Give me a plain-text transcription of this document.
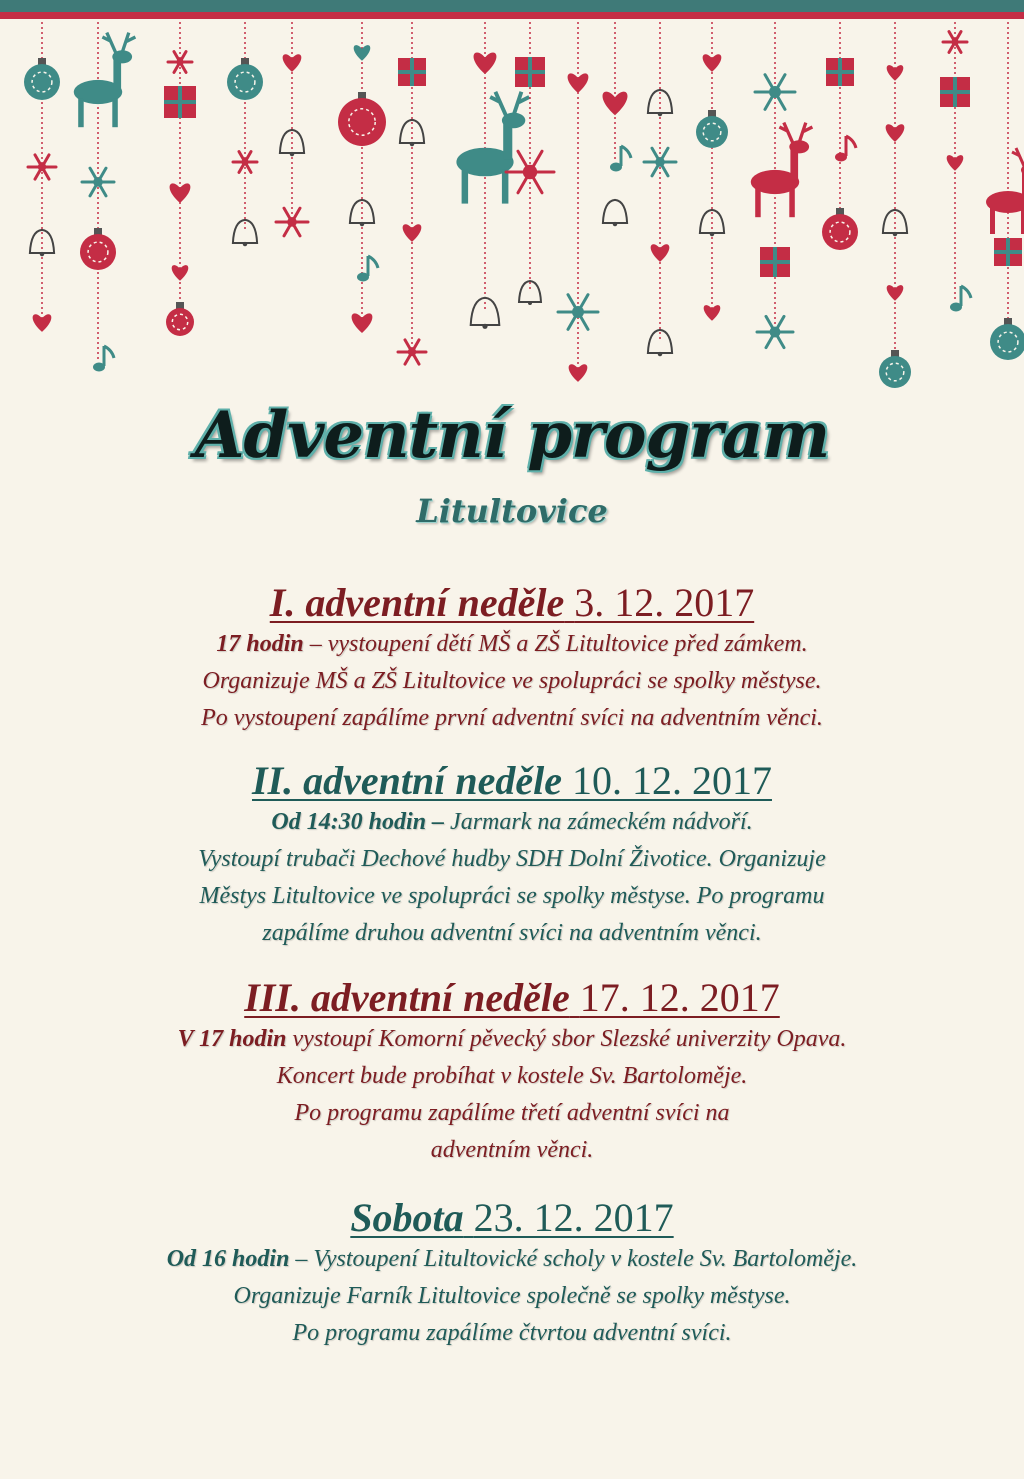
Adventní program
Litultovice
I. adventní neděle 3. 12. 2017
17 hodin – vystoupení dětí MŠ a ZŠ Litultovice před zámkem.
Organizuje MŠ a ZŠ Litultovice ve spolupráci se spolky městyse.
Po vystoupení zapálíme první adventní svíci na adventním věnci.
II. adventní neděle 10. 12. 2017
Od 14:30 hodin – Jarmark na zámeckém nádvoří.
Vystoupí trubači Dechové hudby SDH Dolní Životice. Organizuje
Městys Litultovice ve spolupráci se spolky městyse. Po programu
zapálíme druhou adventní svíci na adventním věnci.
III. adventní neděle 17. 12. 2017
V 17 hodin vystoupí Komorní pěvecký sbor Slezské univerzity Opava.
Koncert bude probíhat v kostele Sv. Bartoloměje.
Po programu zapálíme třetí adventní svíci na
adventním věnci.
Sobota 23. 12. 2017
Od 16 hodin – Vystoupení Litultovické scholy v kostele Sv. Bartoloměje.
Organizuje Farník Litultovice společně se spolky městyse.
Po programu zapálíme čtvrtou adventní svíci.
